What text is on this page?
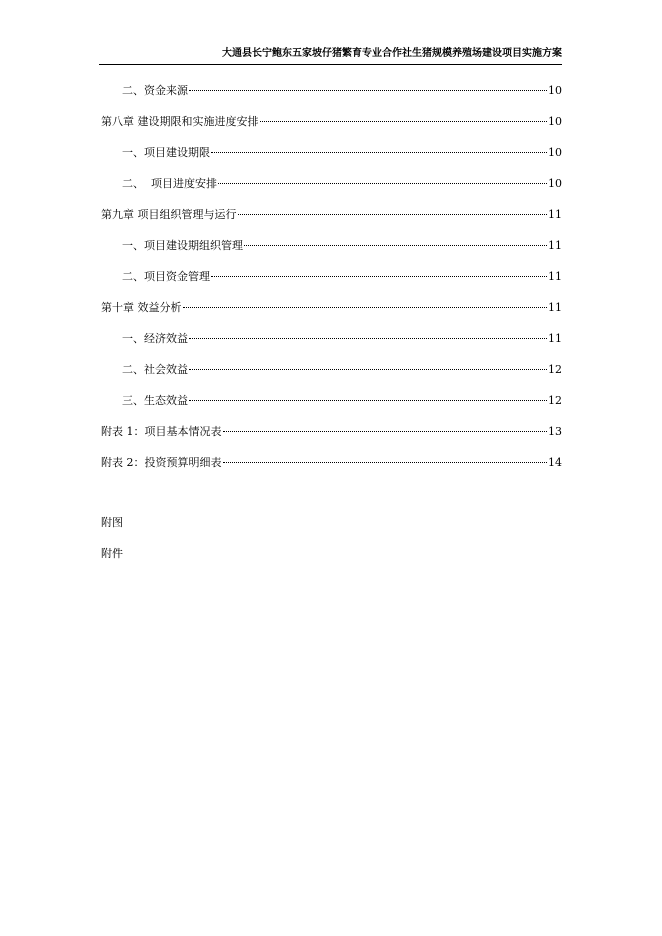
大通县长宁鲍东五家坡仔猪繁育专业合作社生猪规模养殖场建设项目实施方案
二、资金来源	10
第八章 建设期限和实施进度安排	10
一、项目建设期限	10
二、  项目进度安排	10
第九章 项目组织管理与运行	11
一、项目建设期组织管理	11
二、项目资金管理	11
第十章 效益分析	11
一、经济效益	11
二、社会效益	12
三、生态效益	12
附表 1：项目基本情况表	13
附表 2：投资预算明细表	14
附图
附件
